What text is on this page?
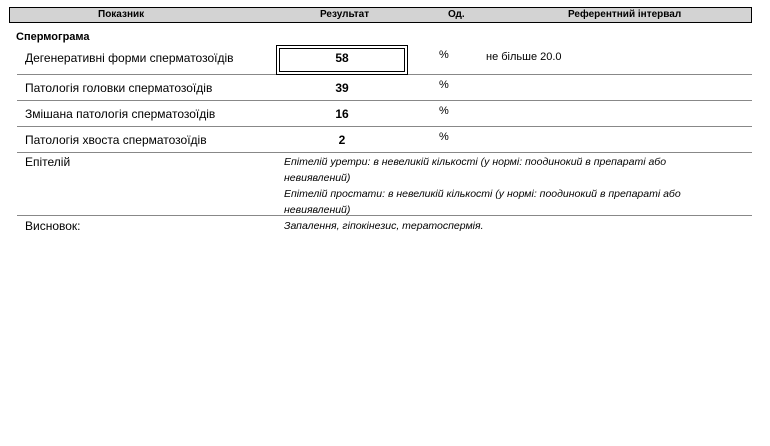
Показник	Результат	Од.	Референтний інтервал
Спермограма
Дегенеративні форми сперматозоїдів	58	%	не більше 20.0
Патологія головки сперматозоїдів	39	%
Змішана патологія сперматозоїдів	16	%
Патологія хвоста сперматозоїдів	2	%
Епітелій	Епітелій уретри: в невеликій кількості (у нормі: поодинокий в препараті або невиявлений)
Епітелій простати: в невеликій кількості (у нормі: поодинокий в препараті або невиявлений)
Висновок:	Запалення, гіпокінезис, тератоспермія.
